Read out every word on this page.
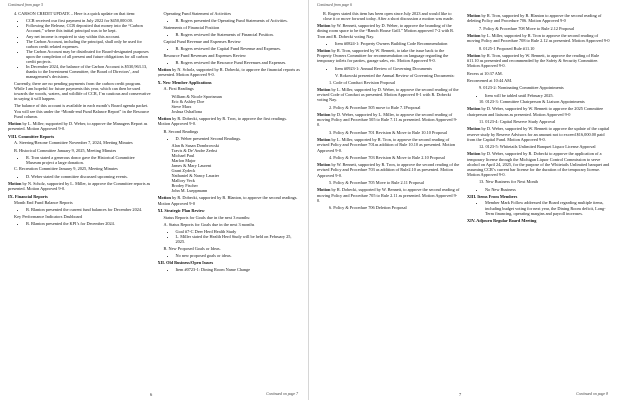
Continued from page 5

4. CARSON CREDIT UPDATE – Here is a quick update on that item:

• CCR received our first payment in July 2022 for $450,000.00.
• Following the Release, CCR deposited that money into the “Carbon Account,” where this initial principal was to be kept.
• Any net income is required to stay within this account.
• The Carbon Account, including the principal, shall only be used for carbon credit related expenses.
• The Carbon Account may be distributed for Board-designated purposes upon the completion of all present and future obligations for all carbon credit projects.
• In December 2024, the balance of the Carbon Account is $530,963.13, thanks to the Investment Committee, the Board of Directors’, and management’s decisions.

Currently, there are no pending payments from the carbon credit program. While I am hopeful for future payments this year, which can then be used towards the woods, waters, and wildlife of CCR, I’m cautious and conservative in saying it will happen.

The balance of this account is available in each month’s Board agenda packet. You will see this under the “Month-end Fund Balance Report” in the Resource Fund column.

Motion by L. Miller; supported by D. Weber, to approve the Managers Report as presented. Motion Approved 9-0.

VIII. Committee Reports

A. Steering/Rezone Committee November 7, 2024, Meeting Minutes

B. Historical Committee January 9, 2025, Meeting Minutes

• R. Tron stated a generous donor gave the Historical Committee Museum project a large donation.

C. Recreation Committee January 9, 2025, Meeting Minutes

• D. Weber stated the committee discussed upcoming events.

Motion by N. Scholz, supported by L. Miller, to approve the Committee reports as presented. Motion Approved 9-0.

IX. Financial Reports

Month End Fund Balance Reports

• B. Blanton presented the current fund balances for December 2024.

Key Performance Indicators Dashboard

• B. Blanton presented the KPI’s for December 2024.

Operating Fund Statement of Activities

• B. Rogers presented the Operating Fund Statements of Activities.

Statements of Financial Position

• B. Rogers reviewed the Statements of Financial Position.

Capital Fund Revenue and Expenses Review

• B. Rogers reviewed the Capital Fund Revenue and Expenses.

Resource Fund Revenues and Expenses Review

• B. Rogers reviewed the Resource Fund Revenues and Expenses.

Motion by N. Scholz, supported by R. Dobecki, to approve the financial reports as presented. Motion Approved 9-0.

X. New Member Applications

A. First Readings

William & Nicole Sportsman
Eric & Ashley Doe
Steve Marx
Joshua Oshaflona

Motion by R. Dobecki, supported by R. Tron, to approve the first readings. Motion Approved 9-0.

B. Second Readings

• D. Weber presented Second Readings.
Alan & Susan Dombrowski
Travis & De’Andre Zerbst
Michael Paul
Marlon Major
James & Mary Laurent
Grant Zydeck
Nathaniel & Nancy Lauzier
Mallory Veck
Brodey Fischer
John M. Lueppmann

Motion by R. Dobecki, supported by B. Blanton, to approve the second readings. Motion Approved 9-0

XI. Strategic Plan Review

Status Reports for Goals due in the next 3 months:

A. Status Reports for Goals due in the next 3 months

• Goal #7-C Deer Herd Health Study
• L. Miller stated the Health Herd Study will be held on February 25, 2025.

B. New Proposed Goals or Ideas.

• No new proposed goals or ideas.

XII. Old Business/Open Issues

• Item #0723-1: Dining Room Name Change
6	Continued on page 7
Continued from page 6

R. Rogers stated this item has been open since July 2023 and would like to close it or move forward today. After a short discussion a motion was made.

Motion by W. Bennett, supported by D. Weber, to approve the branding of the dining room space to be the “Ranch House Grill.” Motion approved 7-2 with R. Tron and R. Dobecki voting Nay.

• Item #0824-1: Property Owners Building Code Recommendation

Motion by R. Tron, supported by W. Bennett, to take the issue back to the Property Owners Committee for recommendation on language regarding the temporary toilets for parties, garage sales, etc. Motion Approved 9-0.

• Item #0923-1: Annual Review of Governing Documents

V. Rokowski presented the Annual Review of Governing Documents:

1. Code of Conduct Revision Proposal

Motion by L. Miller, supported by D. Weber, to approve the second reading of the revised Code of Conduct as presented. Motion Approved 8-1 with R. Dobecki voting Nay.

2. Policy & Procedure 505 move to Rule 7.1Proposal

Motion by D. Weber, supported by L. Miller, to approve the second reading of moving Policy and Procedure 505 to Rule 7.11 as presented. Motion Approved 9-0.

3. Policy & Procedure 701 Revision & Move to Rule 10.10 Proposal

Motion by L. Miller, supported by R. Tron, to approve the second reading of revised Policy and Procedure 701as addition of Rule 10.10 as presented. Motion Approved 9-0.

4. Policy & Procedure 703 Revision & Move to Rule 2.10 Proposal

Motion by W. Bennett, supported by R. Tron, to approve the second reading of the revised Policy and Procedure 703 as addition of Rule2.10 as presented. Motion Approved 9-0.

5. Policy & Procedure 705 Move to Rule 2.11 Proposal

Motion by R. Dobecki, supported by W. Bennett, to approve the second reading of moving Policy and Procedure 705 to Rule 2.11 as presented. Motion Approved 9-0.

6. Policy & Procedure 706 Deletion Proposal

Motion by R. Tron, supported by B. Blanton to approve the second reading of deleting Policy and Procedure 706. Motion Approved 9-0

7. Policy & Procedure 708 Move to Rule 2.12 Proposal

Motion by L. Miller, supported by R. Tron to approve the second reading of moving Policy and Procedure 708 to Rule 2.12 as presented. Motion Approved 9-0

8. 0125-1 Proposed Rule #11.10

Motion by R. Tron, supported by W. Bennett, to approve the reading of Rule #11.10 as presented and recommended by the Safety & Security Committee. Motion Approved 9-0.

Recess at 10:37 AM.

Reconvened at 10:44 AM.

9. 0123-2: Nominating Committee Appointments

• Item will be tabled until February 2025.

10. 0123-3: Committee Chairperson & Liaison Appointments

Motion by D. Weber, supported by W. Bennett to approve the 2025 Committee chairperson and liaisons as presented. Motion Approved 9-0

11. 0123-4: Capital Reserve Study Approval

Motion by D. Weber, supported by W. Bennett to approve the update of the capital reserve study by Reserve Advisors for an amount not to exceed $16,000.00 paid from the Capital Fund. Motion Approved 9-0.

12. 0123-5: Whitetails Unlimited Banquet Liquor License Approval

Motion by D. Weber, supported by R. Dobecki to approve the application of a temporary license through the Michigan Liquor Control Commission to serve alcohol on April 24, 2025, for the purpose of the Whitetails Unlimited banquet and assuming CCR’s current bar license for the duration of the temporary license. Motion Approved 9-0.

13. New Business for Next Month

• No New Business

XIII. Items From Members

• Member Mark Follow addressed the Board regarding multiple items, including budget voting for next year, the Dining Room deficit, Long-Term financing, operating margins and payroll increases.

XIV. Adjourn Regular Board Meeting

7	Continued on page 8
